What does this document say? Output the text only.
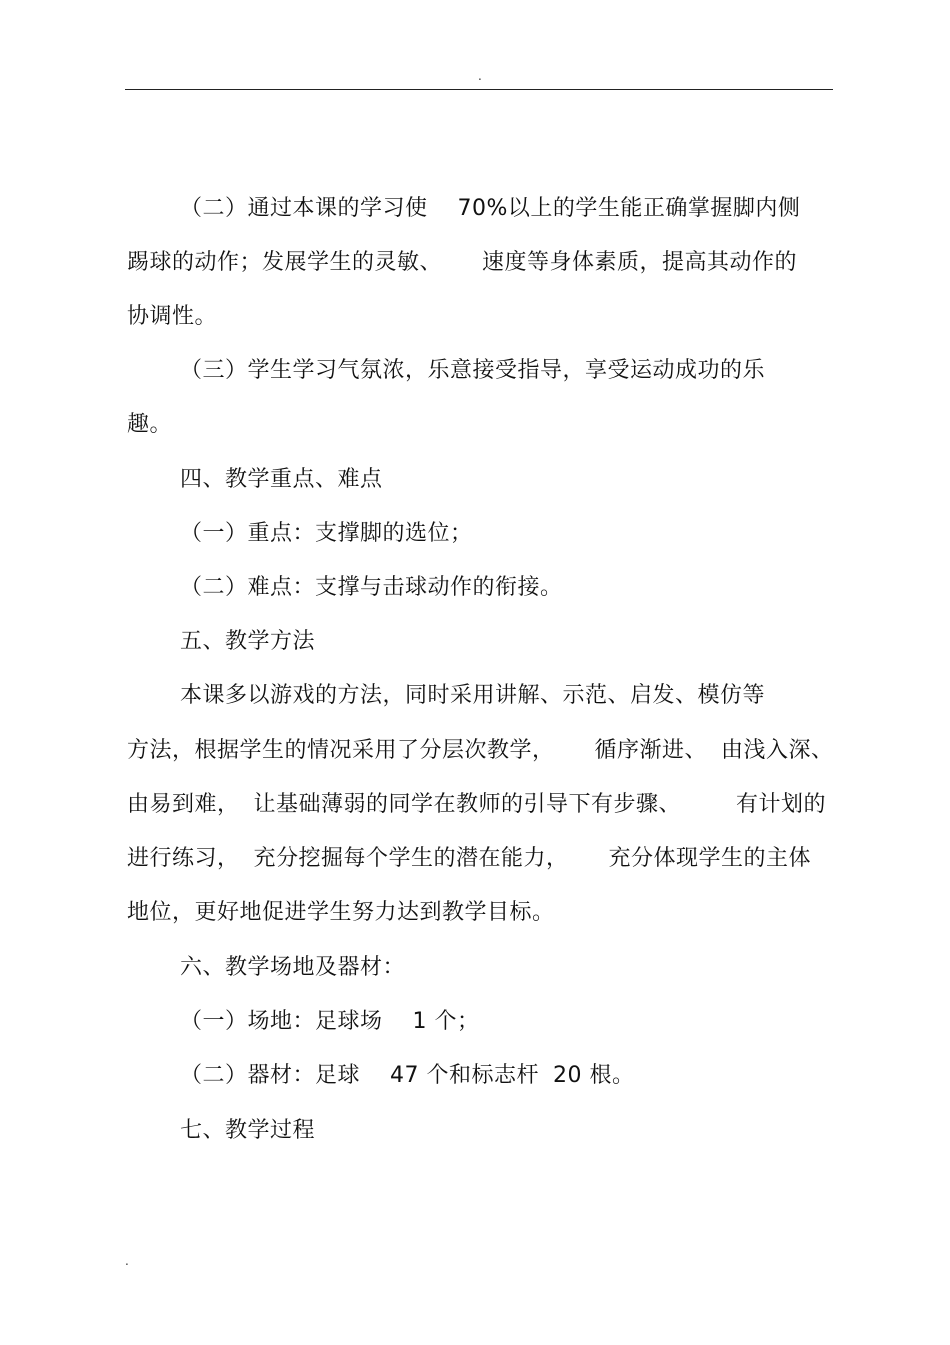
.
（二）通过本课的学习使 70%以上的学生能正确掌握脚内侧
踢球的动作；发展学生的灵敏、 速度等身体素质，提高其动作的
协调性。
（三）学生学习气氛浓，乐意接受指导，享受运动成功的乐
趣。
四、教学重点、难点
（一）重点：支撑脚的选位；
（二）难点：支撑与击球动作的衔接。
五、教学方法
本课多以游戏的方法，同时采用讲解、示范、启发、模仿等
方法，根据学生的情况采用了分层次教学， 循序渐进、 由浅入深、
由易到难， 让基础薄弱的同学在教师的引导下有步骤、	有计划的
进行练习， 充分挖掘每个学生的潜在能力， 充分体现学生的主体
地位，更好地促进学生努力达到教学目标。
六、教学场地及器材：
（一）场地：足球场 1 个；
（二）器材：足球 47 个和标志杆 20 根。
七、教学过程
.
